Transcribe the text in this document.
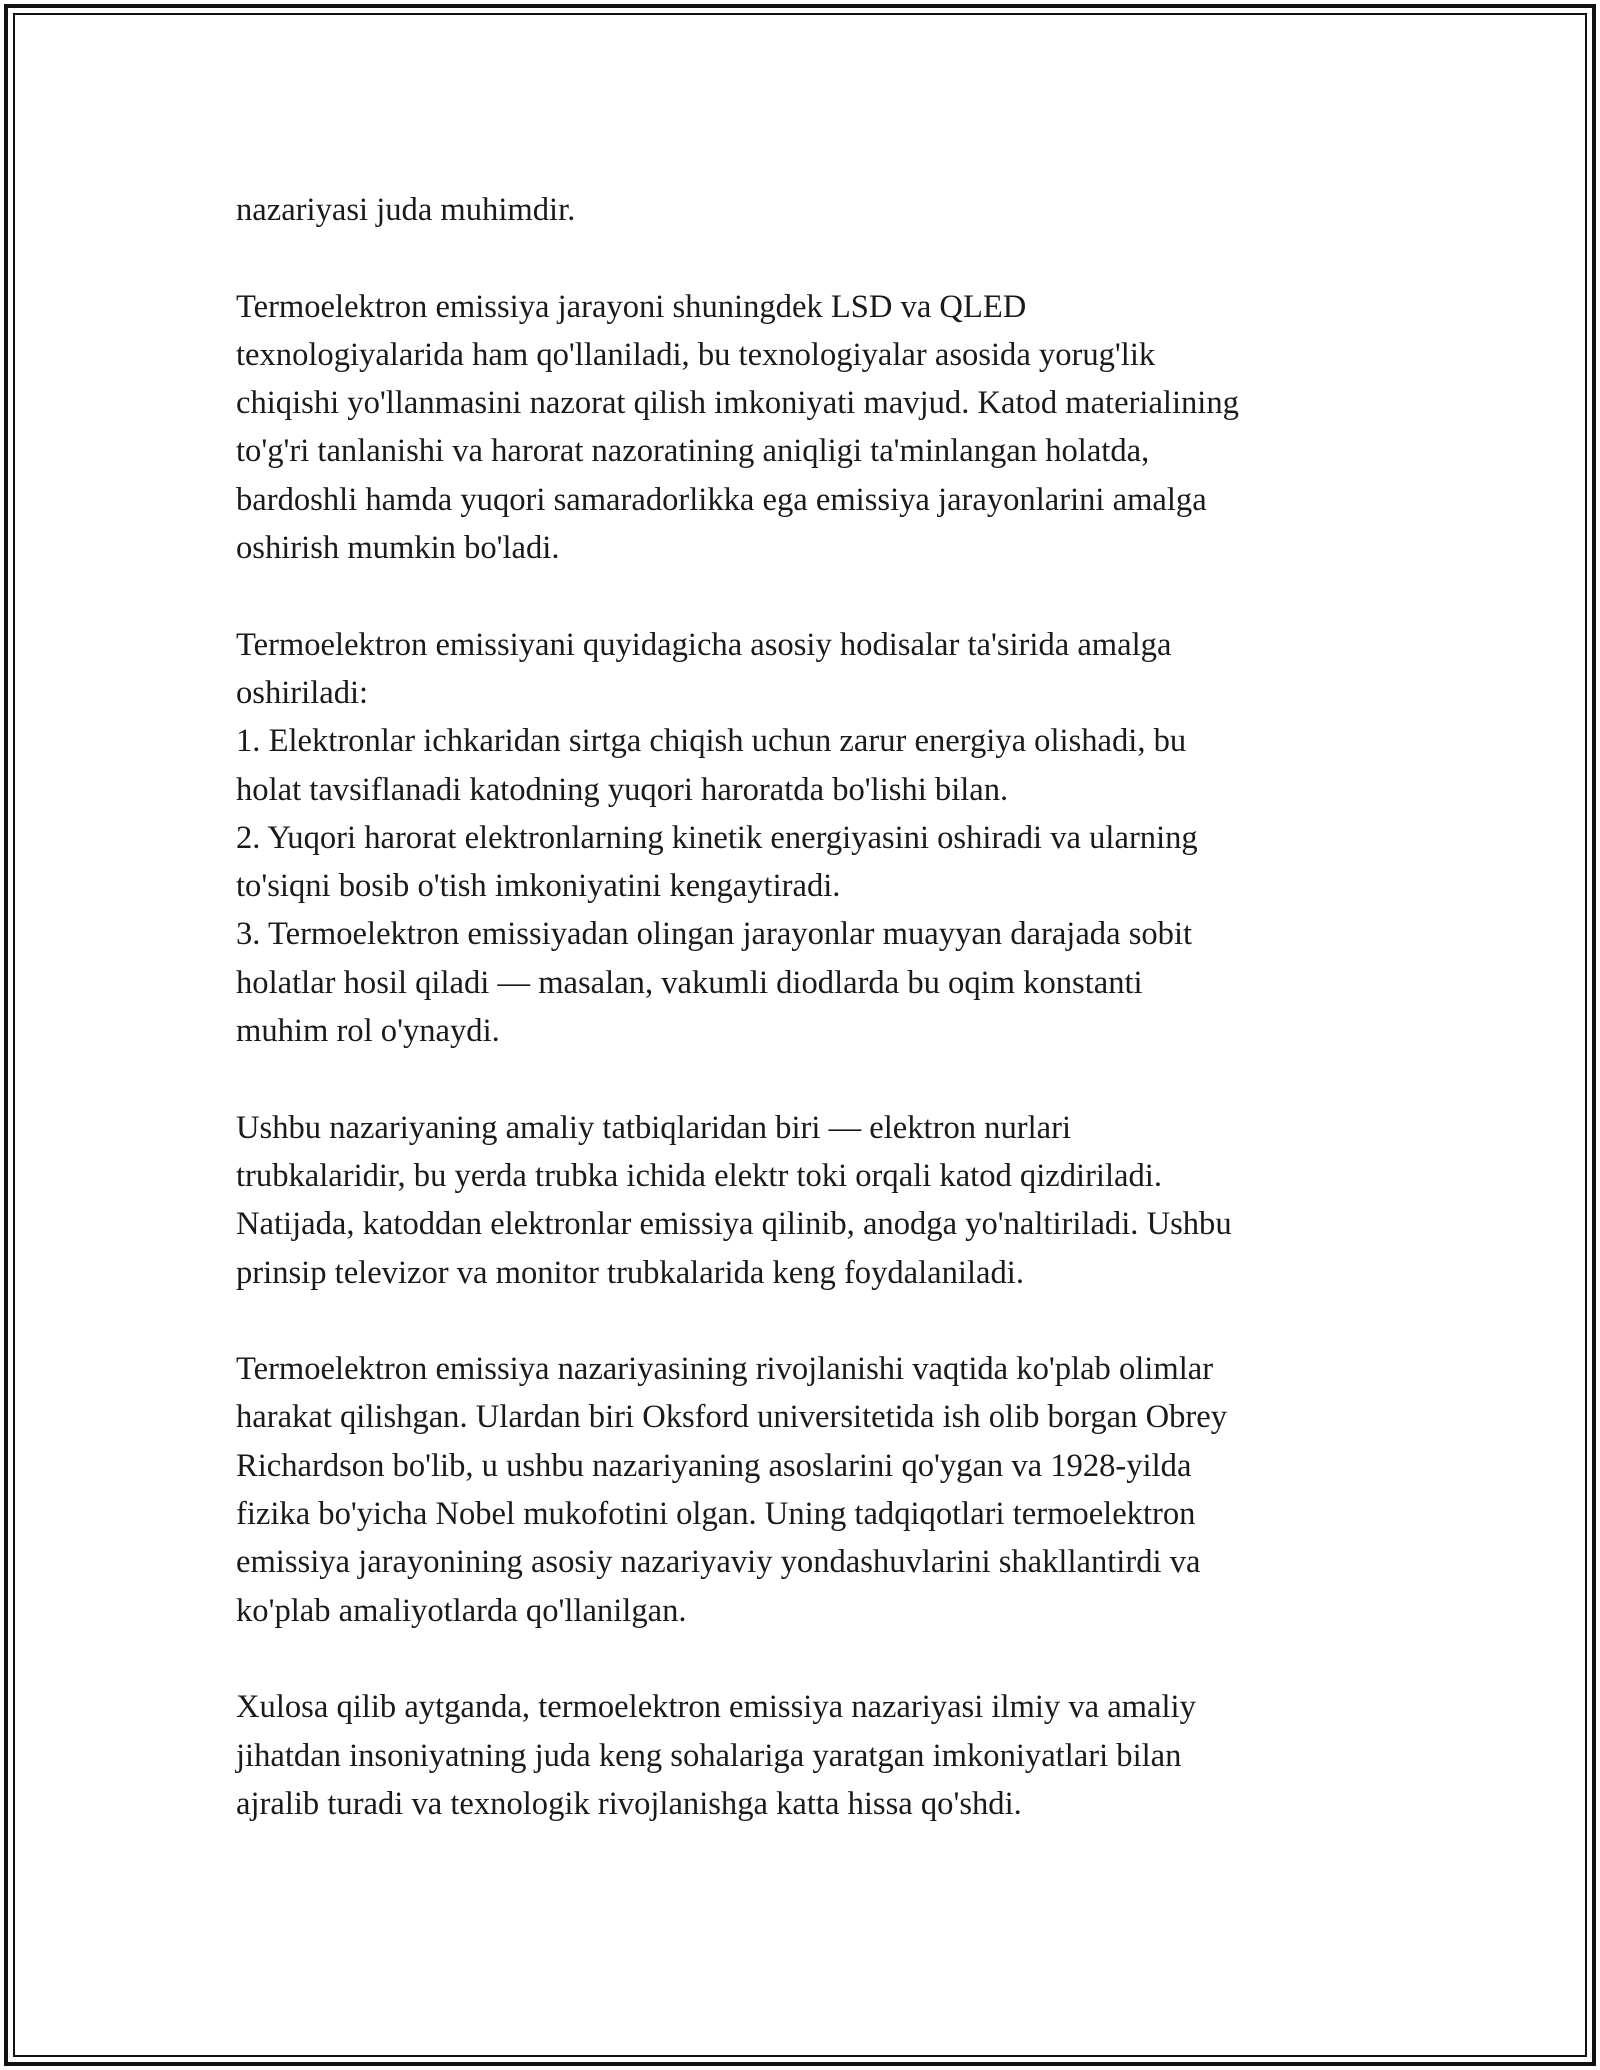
nazariyasi juda muhimdir.

Termoelektron emissiya jarayoni shuningdek LSD va QLED
texnologiyalarida ham qo'llaniladi, bu texnologiyalar asosida yorug'lik
chiqishi yo'llanmasini nazorat qilish imkoniyati mavjud. Katod materialining
to'g'ri tanlanishi va harorat nazoratining aniqligi ta'minlangan holatda,
bardoshli hamda yuqori samaradorlikka ega emissiya jarayonlarini amalga
oshirish mumkin bo'ladi.

Termoelektron emissiyani quyidagicha asosiy hodisalar ta'sirida amalga
oshiriladi:
1. Elektronlar ichkaridan sirtga chiqish uchun zarur energiya olishadi, bu
holat tavsiflanadi katodning yuqori haroratda bo'lishi bilan.
2. Yuqori harorat elektronlarning kinetik energiyasini oshiradi va ularning
to'siqni bosib o'tish imkoniyatini kengaytiradi.
3. Termoelektron emissiyadan olingan jarayonlar muayyan darajada sobit
holatlar hosil qiladi — masalan, vakumli diodlarda bu oqim konstanti
muhim rol o'ynaydi.

Ushbu nazariyaning amaliy tatbiqlaridan biri — elektron nurlari
trubkalaridir, bu yerda trubka ichida elektr toki orqali katod qizdiriladi.
Natijada, katoddan elektronlar emissiya qilinib, anodga yo'naltiriladi. Ushbu
prinsip televizor va monitor trubkalarida keng foydalaniladi.

Termoelektron emissiya nazariyasining rivojlanishi vaqtida ko'plab olimlar
harakat qilishgan. Ulardan biri Oksford universitetida ish olib borgan Obrey
Richardson bo'lib, u ushbu nazariyaning asoslarini qo'ygan va 1928-yilda
fizika bo'yicha Nobel mukofotini olgan. Uning tadqiqotlari termoelektron
emissiya jarayonining asosiy nazariyaviy yondashuvlarini shakllantirdi va
ko'plab amaliyotlarda qo'llanilgan.

Xulosa qilib aytganda, termoelektron emissiya nazariyasi ilmiy va amaliy
jihatdan insoniyatning juda keng sohalariga yaratgan imkoniyatlari bilan
ajralib turadi va texnologik rivojlanishga katta hissa qo'shdi.
